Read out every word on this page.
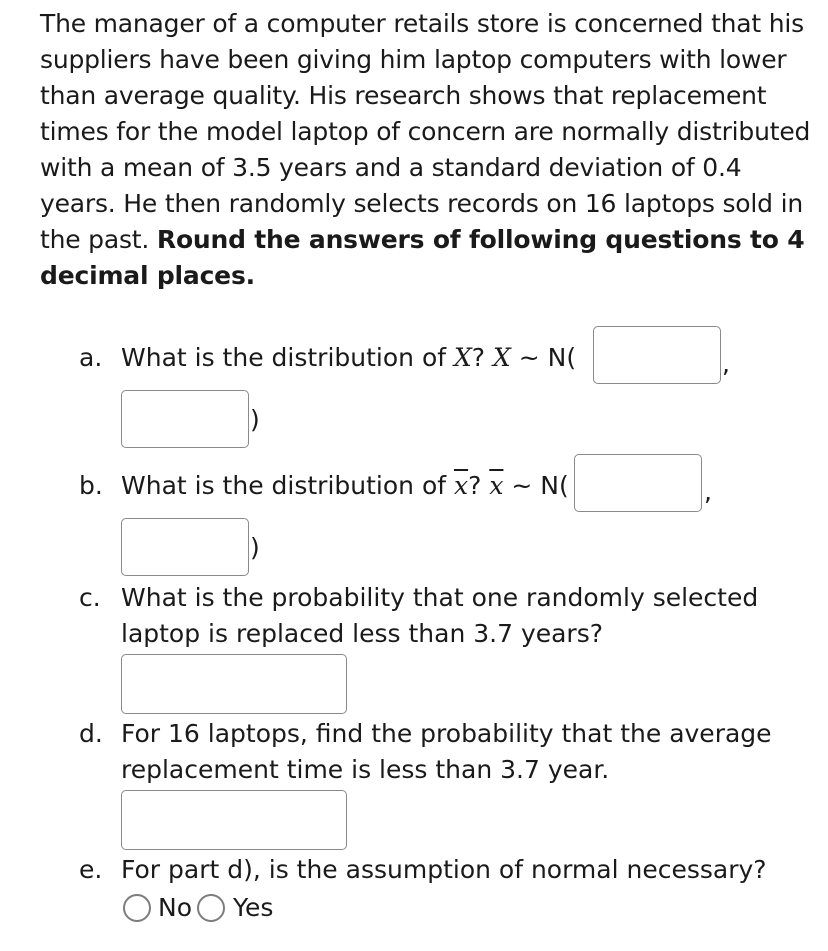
The manager of a computer retails store is concerned that his suppliers have been giving him laptop computers with lower than average quality. His research shows that replacement times for the model laptop of concern are normally distributed with a mean of 3.5 years and a standard deviation of 0.4 years. He then randomly selects records on 16 laptops sold in the past. Round the answers of following questions to 4 decimal places.
a. What is the distribution of X? X ~ N(	,
)
b. What is the distribution of $\overline{x}$? $\overline{x}$ ~ N(	,
)
c. What is the probability that one randomly selected
laptop is replaced less than 3.7 years?
d. For 16 laptops, find the probability that the average
replacement time is less than 3.7 year.
e. For part d), is the assumption of normal necessary?
No Yes
